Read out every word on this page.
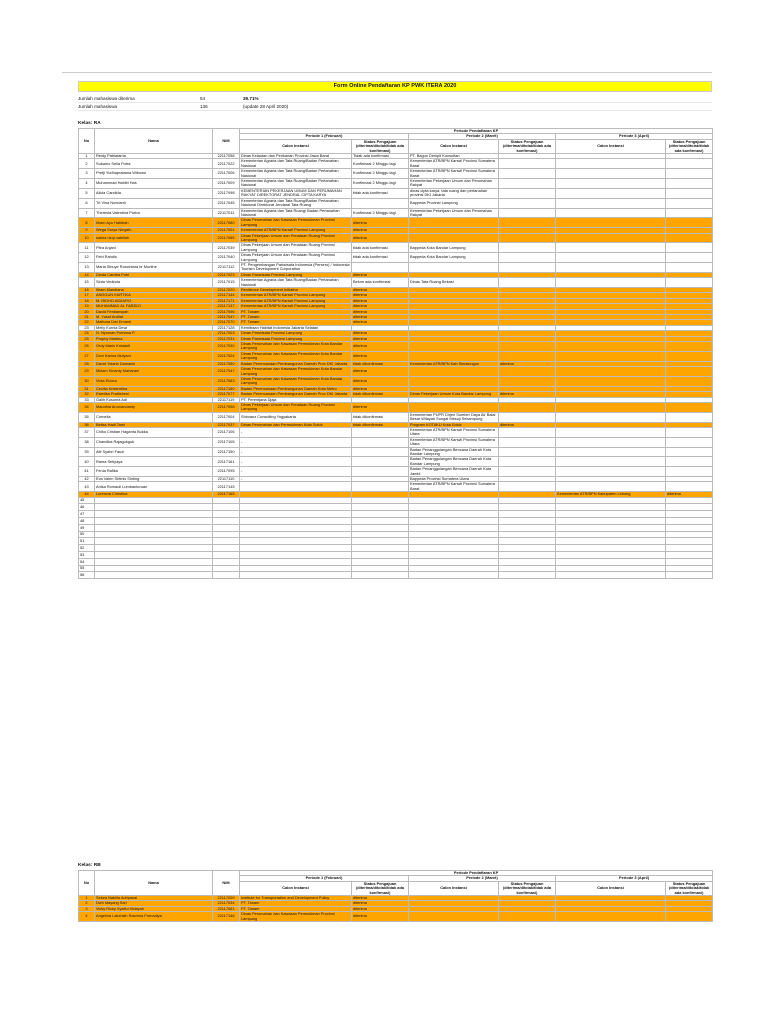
Form Online Pendaftaran KP PWK ITERA 2020
Jumlah mahasiswa diterima	54	39.71%
Jumlah mahasiswa	136	(update 28 April 2020)
Kelas: RA
No	Nama	NIM	Periode Pendaftaran KP					
			Periode 1 (Februari)		Periode 2 (Maret)		Periode 3 (April)	
			Calon Instansi	Status Pengajuan (diterima/ditolak/tidak ada konfirmasi)	Calon Instansi	Status Pengajuan (diterima/ditolak/tidak ada konfirmasi)	Calon Instansi	Status Pengajuan (diterima/ditolak/tidak ada konfirmasi)
1	Reidy Patriatama	22117058	Dinas Kelautan dan Perikanan Provinsi Jawa Barat	Tidak ada konfirmasi	PT. Bagun Denipit Konsultan			
2	Sukamo Seila Putra	22117022	Kementerian Agraria dan Tata Ruang/Badan Pertanahan Nasional	Konfirmasi 2 Minggu lagi	Kementerian ATR/BPN Kanwil Provinsi Sumatera Barat			
3	Pretji Yudhapratama Wibowo	22117006	Kementerian Agraria dan Tata Ruang/Badan Pertanahan Nasional	Konfirmasi 2 Minggu lagi	Kementerian ATR/BPN Kanwil Provinsi Sumatera Barat			
4	Muhammad Habibi Has	22117009	Kementerian Agraria dan Tata Ruang/Badan Pertanahan Nasional	Konfirmasi 2 Minggu lagi	Kementerian Pekerjaan Umum dan Perumahan Rakyat			
5	Alicia Candida	22117098	KEMENTERIAN PEKERJAAN UMUM DAN PERUMAHAN RAKYAT DIREKTORAT JENDRAL CIPTA KARYA	tidak ada konfirmasi	dinas cipta karya, tata ruang dan pertanahan provinsi DKI Jakarta			
6	Tri Vina Novrianti	22117045	Kementerian Agraria dan Tata Ruang/Badan Pertanahan Nasional Direktorat Jendaral Tata Ruang		Bappeda Provinsi Lampung			
7	Theresia Valentina Purba	22117011	Kementerian Agraria dan Tata Ruang/ Badan Pertanahan Nasional	Konfirmasi 2 Minggu lagi	Kementerian Pekerjaan Umum dan Perumahan Rakyat			
8	Ilham Ayu Habibah	22117080	Dinas Perumahan dan Kawasan Permukiman Provinsi Lampung	diterima				
9	Wega Surya Ningsih	22117001	Kementerian ATR/BPN Kanwil Provinsi Lampung	diterima				
10	salma rizqi nabillah	22117065	Dinas Pekerjaan Umum dan Penataan Ruang Provinsi Lampung	diterima				
11	Pitra Anjani	22117039	Dinas Pekerjaan Umum dan Penataan Ruang Provinsi Lampung	tidak ada konfirmasi	Bappeda Kota Bandar Lampung			
12	Febi Rahdis	22117040	Dinas Pekerjaan Umum dan Penataan Ruang Provinsi Lampung	tidak ada konfirmasi	Bappeda Kota Bandar Lampung			
13	Maria Sibuye Rosciniara br Munthe	22117112	PT. Pengembangan Pariwisata Indonesia (Persero) / Indonesia Tourism Development Corporation					
14	Dinda Camilia Putri	22117023	Dinas Pariwisata Provinsi Lampung	diterima				
15	Sinta Vedinda	22117015	Kementerian Agraria dan Tata Ruang/Badan Pertanahan Nasional	Belum ada konfirmasi	Dinas Tata Ruang Bekasi			
16	Ilham Mandiana	22117020	Resilience Development Initiative	diterima				
17	ANGGUN KARTIKA	22117144	Kementerian ATR/BPN Kanwil Provinsi Lampung	diterima				
18	M. RIDHO AIDIAFIG	22117171	Kementerian ATR/BPN Kanwil Provinsi Lampung	diterima				
19	MUHAMMAD AL FARIDZI	22117137	Kementerian ATR/BPN Kanwil Provinsi Lampung	diterima				
20	David Ferdiansyah	22117096	PT. Tanam	diterima				
21	M. Yusuf Ardilat	22117047	PT. Tanam	diterima				
22	Maftuna Dwi Ernanti	22117070	PT. Tanam	diterima				
23	Melly Kurnia Dewi	22117128	Kemitraan Habitat Indonesia Jakarta Selatan					
24	N. Nyoman Putriana P.	22117003	Dinas Pariwisata Provinsi Lampung	diterima				
25	Prophy Martina	22117031	Dinas Pariwisata Provinsi Lampung	diterima				
26	Ordy Maris Kristanti	22117030	Dinas Perumahan dan Kawasan Permukiman Kota Bandar Lampung	diterima				
27	Dovi Karina Mulyani	22117024	Dinas Perumahan dan Kawasan Permukiman Kota Bandar Lampung	diterima				
28	David Yolanb Damanik	22117050	Badan Perencanaan Pembangunan Daerah Prov DKI Jakarta	tidak dikonfirmasi	Kementerian ATR/BPN Kab Simalungun	diterima		
29	Miriam Kinanty Maharani	22117047	Dinas Perumahan dan Kawasan Permukiman Kota Bandar Lampung	diterima				
30	Viola Elzora	22117083	Dinas Perumahan dan Kawasan Permukiman Kota Bandar Lampung	diterima				
31	Cecilia Kristentina	22117160	Badan Perencanaan Pembangunan Daerah Kota Metro	diterima				
32	Estetika Pratiisheni	22117077	Badan Perencanaan Pembangunan Daerah Prov DKI Jakarta	tidak dikonfirmasi	Dinas Pekerjaan Umum Kota Bandar Lampung	diterima		
33	Galih Kusuma Adi	22117119	PT. Perentjana Djaja					
34	Maudhia Arumandanty	22117058	Dinas Pekerjaan Umum dan Penataan Ruang Provinsi Lampung	diterima				
35	Cornelia	22117004	Shirvanz Consulting Yogyakarta	tidak dikonfirmasi	Kementerian PUPR Dirjen Sumber Daya Air Balai Besar Wilayah Sungai Mesuji Sekampung			
36	Bellsa Hadi Tami	22117037	Dinas Perumahan dan Permukiman Kota Solok	tidak dikonfirmasi	Program KOTAKU Kota Solok	diterima		
37	Chiko Cristian Haganta Bukka	22117106	-		Kementerian ATR/BPN Kanwil Provinsi Sumatera Utara			
38	Chandika Rajagukguk	22117105	-		Kementerian ATR/BPN Kanwil Provinsi Sumatera Utara			
39	Alif Syahri Fauzi	22117150	-		Badan Penanggulangan Bencana Daerah Kota Bandar Lampung			
40	Rama Setiyaya	22117161	-		Badan Penanggulangan Bencana Daerah Kota Bandar Lampung			
41	Fenia Rafika	22117095	-		Badan Penanggulangan Bencana Daerah Kota Jambi			
42	Eva Valen Sirtinis Sinting	22117110	-		Bappeda Provinsi Sumatera Utara			
43	Anisa Romauli Lumbantoruan	22117145			Kementerian ATR/BPN Kanwil Provinsi Sumatera Barat			
44	Lorencia Christina	22117165					Kementerian ATR/BPN Kabupaten Lebong	diterima
45								
46								
47								
48								
49								
50								
51								
52								
53								
54								
55								
56								
Kelas: RB
No	Nama	NIM	Periode Pendaftaran KP					
			Periode 1 (Februari)		Periode 2 (Maret)		Periode 3 (April)	
			Calon Instansi	Status Pengajuan (diterima/ditolak/tidak ada konfirmasi)	Calon Instansi	Status Pengajuan (diterima/ditolak/tidak ada konfirmasi)	Calon Instansi	Status Pengajuan (diterima/ditolak/tidak ada konfirmasi)
1	Sekea Nabilla Adripasal	22117009	Institute for Transportation and Development Policy	diterima				
2	Dwh Mayang Sari	22117034	PT. Tanam	diterima				
3	Vicky Ricky Syaiful Hidayah	22117061	PT. Tanam	diterima				
4	Angelina Lakshsih Rachma Purnadiya	22117146	Dinas Perumahan dan Kawasan Permukiman Provinsi Lampung	diterima				
